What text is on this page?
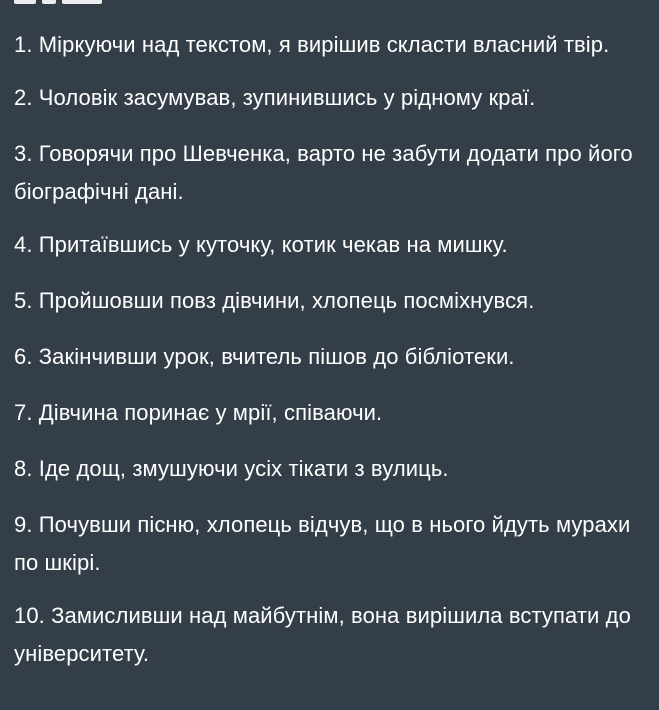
1. Міркуючи над текстом, я вирішив скласти власний твір.
2. Чоловік засумував, зупинившись у рідному краї.
3. Говорячи про Шевченка, варто не забути додати про його біографічні дані.
4. Притаївшись у куточку, котик чекав на мишку.
5. Пройшовши повз дівчини, хлопець посміхнувся.
6. Закінчивши урок, вчитель пішов до бібліотеки.
7. Дівчина поринає у мрії, співаючи.
8. Іде дощ, змушуючи усіх тікати з вулиць.
9. Почувши пісню, хлопець відчув, що в нього йдуть мурахи по шкірі.
10. Замисливши над майбутнім, вона вирішила вступати до університету.
